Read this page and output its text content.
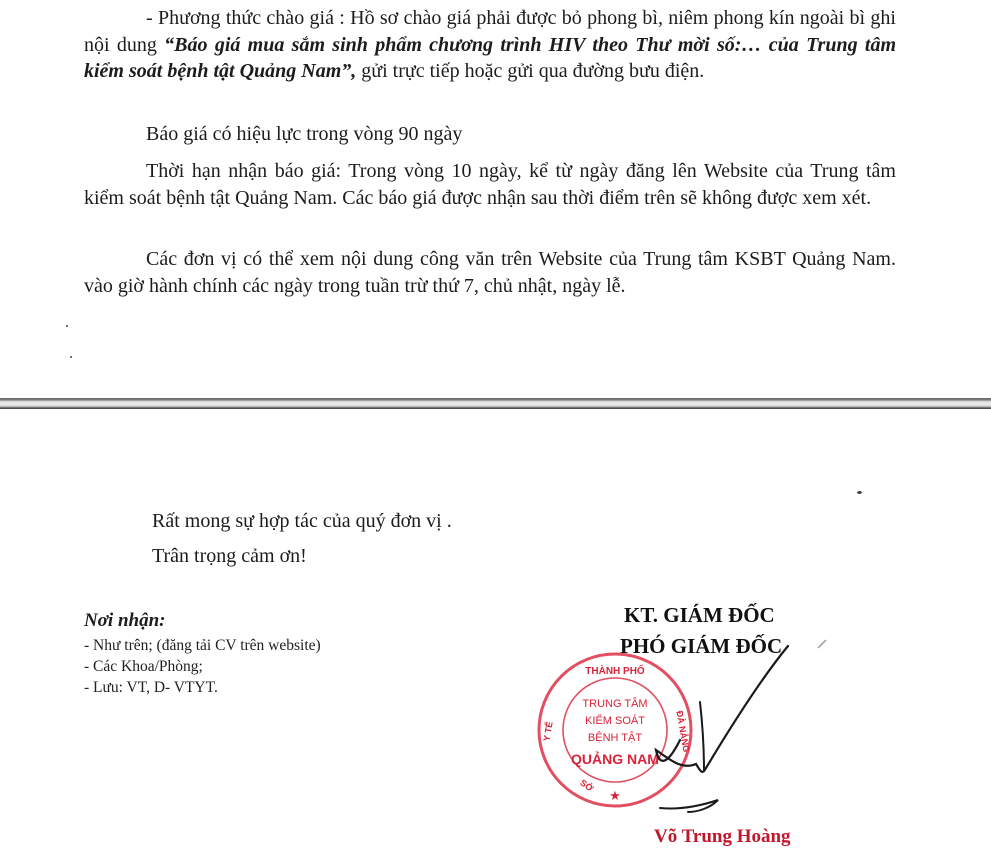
- Phương thức chào giá : Hồ sơ chào giá phải được bỏ phong bì, niêm phong kín ngoài bì ghi nội dung “Báo giá mua sắm sinh phẩm chương trình HIV theo Thư mời số:… của Trung tâm kiểm soát bệnh tật Quảng Nam”, gửi trực tiếp hoặc gửi qua đường bưu điện.

Báo giá có hiệu lực trong vòng 90 ngày

Thời hạn nhận báo giá: Trong vòng 10 ngày, kể từ ngày đăng lên Website của Trung tâm kiểm soát bệnh tật Quảng Nam. Các báo giá được nhận sau thời điểm trên sẽ không được xem xét.

Các đơn vị có thể xem nội dung công văn trên Website của Trung tâm KSBT Quảng Nam. vào giờ hành chính các ngày trong tuần trừ thứ 7, chủ nhật, ngày lễ.

Rất mong sự hợp tác của quý đơn vị .

Trân trọng cảm ơn!

Nơi nhận:

- Như trên; (đăng tải CV trên website)

- Các Khoa/Phòng;

- Lưu: VT, D- VTYT.

KT. GIÁM ĐỐC

PHÓ GIÁM ĐỐC

THÀNH PHỐ
Y TẾ	ĐÀ NẴNG
SỞ
TRUNG TÂM
KIỂM SOÁT
BỆNH TẬT
QUẢNG NAM
★

Võ Trung Hoàng
